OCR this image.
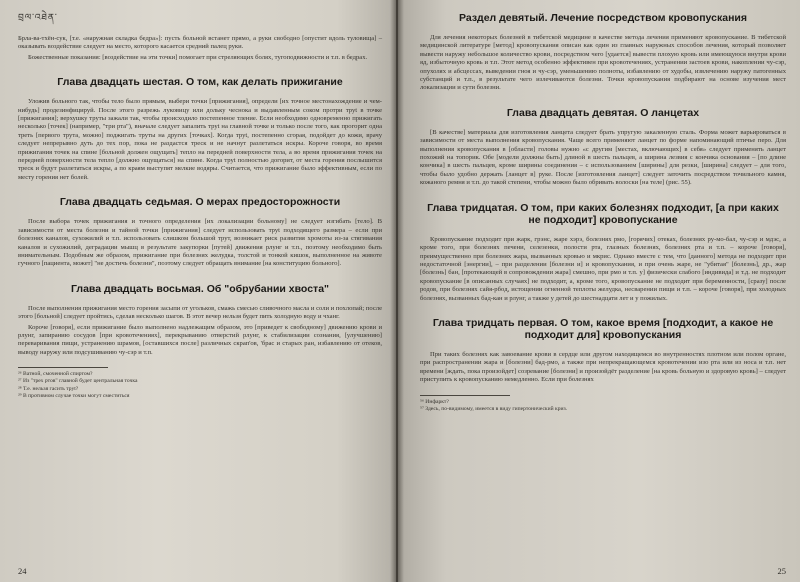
བྲལ་འཐེན་

Брла-ва-тхён-сук, [т.е. «наружная складка бедра»]: пусть больной встанет прямо, а руки свободно [опустит вдоль туловища] – оказывать воздействие следует на место, которого касается средний палец руки.

Божественные показания: [воздействие на эти точки] помогает при стреляющих болях, тугоподвижности и т.п. в бедрах.

Глава двадцать шестая. О том, как делать прижигание

Уложив больного так, чтобы тело было прямым, выбери точки [прижигания], определи [их точное местонахождение и чем-нибудь] продезинфицируй. После этого разрежь луковицу или дольку чеснока и выдавленным соком протри труt в точке [прижигания]; верхушку труты зажали так, чтобы происходило постепенное тление. Если необходимо одновременно прижигать несколько [точек] (например, "три ртa"), вначале следует запалить труt на главной точке и только после того, как прогорит одна треть [первого трута, можно] поджигать труты на других [точках]. Когда труt, постепенно сгорая, подойдет до кожи, врачу следует непрерывно дуть до тех пор, пока не раздастся треск и не начнут разлетаться искры. Короче говоря, во время прижигания точек на спине [больной должен ощущать] тепло на передней поверхности тела, а во время прижигания точек на передней поверхности тела тепло [должно ощущаться] на спине. Когда труt полностью догорит, от места горения послышится треск и будут разлетаться искры, а по краям выступят мелкие водяры. Считается, что прижигание было эффективным, если по месту горения нет болей.

Глава двадцать седьмая. О мерах предосторожности

После выбора точек прижигания и точного определения [их локализации больному] не следует изгибать [тело]. В зависимости от места болезни и тайной точки [прижигания] следует использовать труt подходящего размера – если при болезнях каналов, сухожилий и т.п. использовать слишком большой трут, возникает риск развития хромоты из-за стягивания каналов и сухожилий, деградации мышц в результате закупорки [путей] движения рлунг и т.п., поэтому необходимо быть внимательным. Подобным же образом, прижигание при болезнях желудка, толстой и тонкой кишок, выполненное на животе гучного [пациента, может] "не достичь болезни", поэтому следует обращать внимание [на конституцию больного].

Глава двадцать восьмая. Об "обрубании хвоста"

После выполнения прижигания место горения засыпи от угольков, смажь смесью сливочного масла и соли и похлопай; после этого [больной] следует пройтись, сделав несколько шагов. В этот вечер нельзя будет пить холодную воду и чханг.

Короче [говоря], если прижигание было выполнено надлежащим образом, это [приведет к свободному] движению крови и рлунг, запиранию сосудов [при кровотечениях], перекрыванию отверстий рлунг, к стабилизации сознания, [улучшению] переваривания пищи, устранению шрамов, [оставшихся после] различных скрап'ов, 'брас и старых ран, избавлению от отеков, выводу наружу или подсушиванию чу-сэр и т.п.

²⁶ Ватной, смоченной спиртом?

²⁷ Из "трех ртов" главной будет центральная точка

²⁸ Т.е. нельзя гасить труt?

²⁹ В противном случае точки могут сместиться

24
Раздел девятый. Лечение посредством кровопускания

Для лечения некоторых болезней в тибетской медицине в качестве метода лечения применяют кровопускание. В тибетской медицинской литературе [метод] кровопускания описан как один из главных наружных способов лечения, который позволяет вывести наружу небольшое количество крови, посредством чего [удается] вывести плохую кровь или имеющуюся внутри крови яд, избыточную кровь и т.п. Этот метод особенно эффективен при кровотечениях, устранении застоев крови, накоплении чу-сэр, опухолях и абсцессах, выведении гноя и чу-сэр, уменьшению полноты, избавлению от худобы, извлечению наружу патогенных субстанций и т.п., в результате чего излечиваются болезни. Точки кровопускания подбирают на основе изучения мест локализации и сути болезни.

Глава двадцать девятая. О ланцетах

[В качестве] материала для изготовления ланцета следует брать упругую закаленную сталь. Форма может варьироваться в зависимости от места выполнения кровопускания. Чаще всего применяют ланцет по форме напоминающий птичье перо. Для выполнения кровопускания в [области] головы нужно «с другим [местах, включающих] в себя» следует применять ланцет похожий на топорик. Обе [модели должны быть] длиной в шесть пальцев, а ширина лезвия с кончика основания – [по длине кончика] в шесть пальцев, кроме ширины соединения – с использованием [ширины] для резки, [ширина] следует – для того, чтобы было удобно держать [ланцет в] руке. После [изготовления ланцет] следует заточить посредством точильного камня, кожаного ремня и т.п. до такой степени, чтобы можно было обривать волоски [на теле] (рис. 55).

Глава тридцатая. О том, при каких болезнях подходит, [а при каких не подходит] кровопускание

Кровопускание подходит при жарк, грэнс, жаре хэрэ, болезнях рмo, [горячих] отеках, болезнях ру-мо-бал, чу-сэр и мдэс, а кроме того, при болезнях печени, селезенки, полости рта, глазных болезнях, болезнях рта и т.п. – короче [говоря], преимущественно при болезнях жара, вызванных кровью и мкрис. Однако вместе с тем, что [данного] метода не подходит при недостаточной [энергии], – при разделении [болезни и] и кровопускания, и при очень жаре, не "убитая" [болезнь], др., жар [болезнь] бан, [протекающей в сопровождении жара] смешно, при рмо и т.п. у] физически слабого [индивида] и т.д. не подходит кровопускание [в описанных случаях] не подходит, а, кроме того, кровопускание не подходит при беременности, [сразу] после родов, при болезнях сайя-рбoд, истощении огненной теплоты желудка, несварении пищи и т.п. – короче [говоря], при холодных болезнях, вызванных бад-кан и рлунг, а также у детей до шестнадцати лет и у пожилых.

Глава тридцать первая. О том, какое время [подходит, а какое не подходит для] кровопускания

При таких болезнях как завоевание крови в сердце или другом находящемся во внутренностях плотном или полом органе, при распространении жара и [болезни] бад-рмо, а также при непрекращающемся кровотечении изо рта или из носа и т.п. нет времени [ждать, пока произойдет] созревание [болезни] и произойдёт разделение [на кровь больную и здоровую кровь] – следует приступить к кровопусканию немедленно. Если при болезнях

⁵⁶ Инфаркт?

⁵⁷ Здесь, по-видимому, имеется в виду гипертонический криз.

25
